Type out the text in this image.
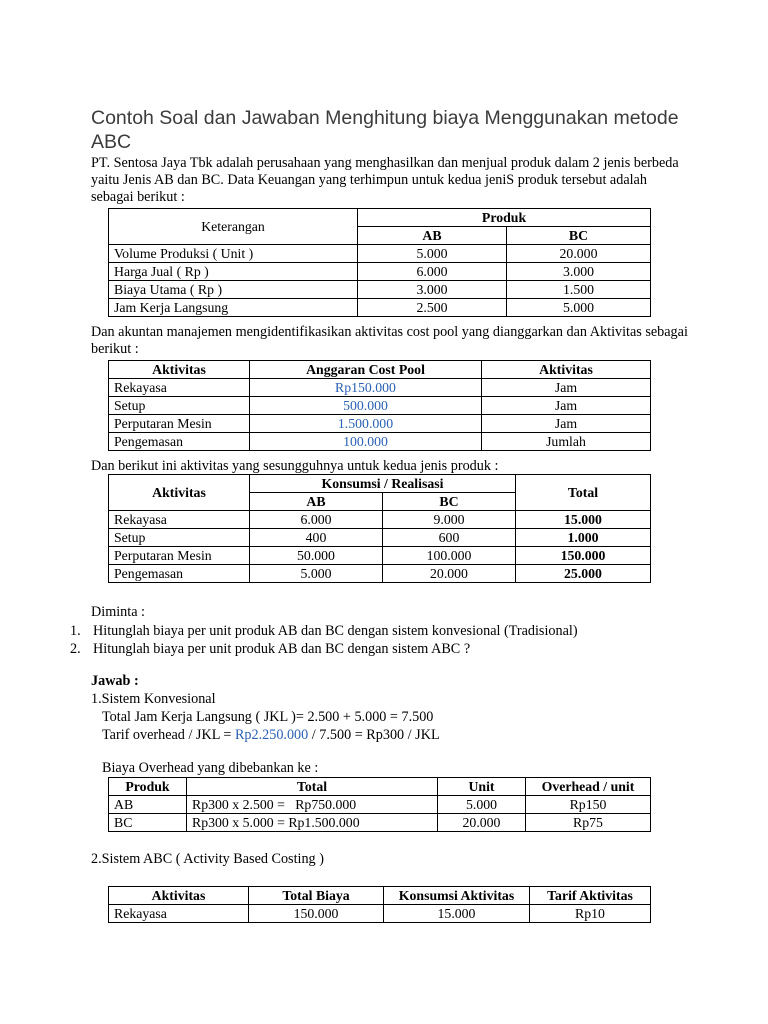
Contoh Soal dan Jawaban Menghitung biaya Menggunakan metode ABC

PT. Sentosa Jaya Tbk adalah perusahaan yang menghasilkan dan menjual produk dalam 2 jenis berbeda yaitu Jenis AB dan BC. Data Keuangan yang terhimpun untuk kedua jeniS produk tersebut adalah sebagai berikut :

Keterangan	Produk	
	AB	BC
Volume Produksi ( Unit )	5.000	20.000
Harga Jual ( Rp )	6.000	3.000
Biaya Utama ( Rp )	3.000	1.500
Jam Kerja Langsung	2.500	5.000

Dan akuntan manajemen mengidentifikasikan aktivitas cost pool yang dianggarkan dan Aktivitas sebagai berikut :

Aktivitas	Anggaran Cost Pool	Aktivitas
Rekayasa	Rp150.000	Jam
Setup	500.000	Jam
Perputaran Mesin	1.500.000	Jam
Pengemasan	100.000	Jumlah

Dan berikut ini aktivitas yang sesungguhnya untuk kedua jenis produk :

Aktivitas	Konsumsi / Realisasi		Total
	AB	BC	
Rekayasa	6.000	9.000	15.000
Setup	400	600	1.000
Perputaran Mesin	50.000	100.000	150.000
Pengemasan	5.000	20.000	25.000

Diminta :

1. Hitunglah biaya per unit produk AB dan BC dengan sistem konvesional (Tradisional)
2. Hitunglah biaya per unit produk AB dan BC dengan sistem ABC ?

Jawab :

1.Sistem Konvesional

Total Jam Kerja Langsung ( JKL )= 2.500 + 5.000 = 7.500

Tarif overhead / JKL = Rp2.250.000 / 7.500 = Rp300 / JKL

Biaya Overhead yang dibebankan ke :

Produk	Total	Unit	Overhead / unit
AB	Rp300 x 2.500 =   Rp750.000	5.000	Rp150
BC	Rp300 x 5.000 = Rp1.500.000	20.000	Rp75

2.Sistem ABC ( Activity Based Costing )

Aktivitas	Total Biaya	Konsumsi Aktivitas	Tarif Aktivitas
Rekayasa	150.000	15.000	Rp10
